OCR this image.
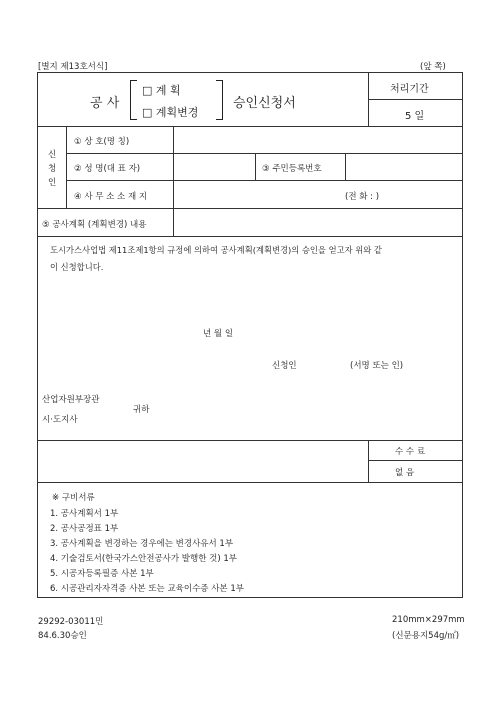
[별지 제13호서식]	(앞 쪽)
공 사
□ 계 획
□ 계획변경
승인신청서
처리기간
5 일
신
청
인
① 상 호(명 칭)
② 성 명(대 표 자)	③ 주민등록번호
④ 사 무 소 소 재 지	(전 화 : )
⑤ 공사계획 (계획변경) 내용
도시가스사업법 제11조제1항의 규정에 의하여 공사계획(계획변경)의 승인을 얻고자 위와 같
이 신청합니다.
년 월 일
신청인	(서명 또는 인)
산업자원부장관
시·도지사
귀하
수 수 료
없 음
※ 구비서류
1. 공사계획서 1부
2. 공사공정표 1부
3. 공사계획을 변경하는 경우에는 변경사유서 1부
4. 기술검토서(한국가스안전공사가 발행한 것) 1부
5. 시공자등록필증 사본 1부
6. 시공관리자자격증 사본 또는 교육이수증 사본 1부
29292-03011민
84.6.30승인
210mm×297mm
(신문용지54g/㎡)
